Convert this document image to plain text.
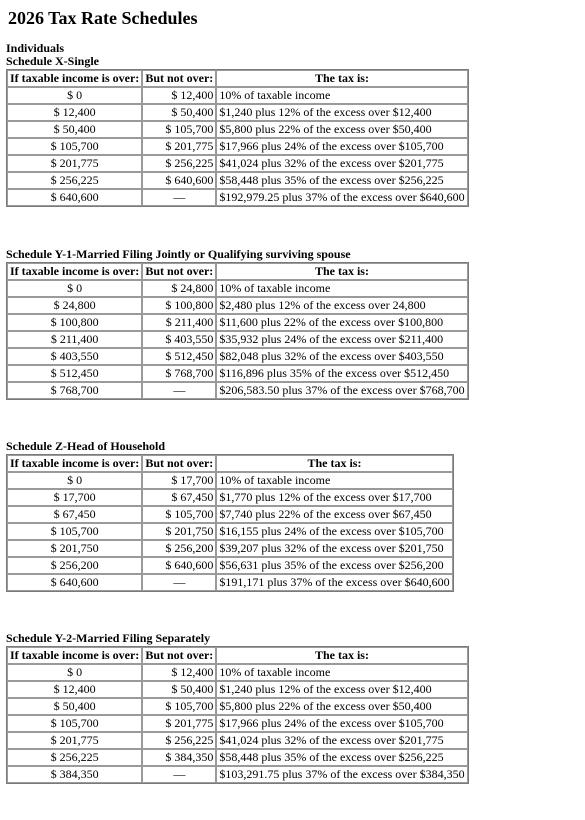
2026 Tax Rate Schedules
Individuals
Schedule X-Single
If taxable income is over:	But not over:	The tax is:
$ 0	$ 12,400	10% of taxable income
$ 12,400	$ 50,400	$1,240 plus 12% of the excess over $12,400
$ 50,400	$ 105,700	$5,800 plus 22% of the excess over $50,400
$ 105,700	$ 201,775	$17,966 plus 24% of the excess over $105,700
$ 201,775	$ 256,225	$41,024 plus 32% of the excess over $201,775
$ 256,225	$ 640,600	$58,448 plus 35% of the excess over $256,225
$ 640,600	—	$192,979.25 plus 37% of the excess over $640,600
Schedule Y-1-Married Filing Jointly or Qualifying surviving spouse
If taxable income is over:	But not over:	The tax is:
$ 0	$ 24,800	10% of taxable income
$ 24,800	$ 100,800	$2,480 plus 12% of the excess over 24,800
$ 100,800	$ 211,400	$11,600 plus 22% of the excess over $100,800
$ 211,400	$ 403,550	$35,932 plus 24% of the excess over $211,400
$ 403,550	$ 512,450	$82,048 plus 32% of the excess over $403,550
$ 512,450	$ 768,700	$116,896 plus 35% of the excess over $512,450
$ 768,700	—	$206,583.50 plus 37% of the excess over $768,700
Schedule Z-Head of Household
If taxable income is over:	But not over:	The tax is:
$ 0	$ 17,700	10% of taxable income
$ 17,700	$ 67,450	$1,770 plus 12% of the excess over $17,700
$ 67,450	$ 105,700	$7,740 plus 22% of the excess over $67,450
$ 105,700	$ 201,750	$16,155 plus 24% of the excess over $105,700
$ 201,750	$ 256,200	$39,207 plus 32% of the excess over $201,750
$ 256,200	$ 640,600	$56,631 plus 35% of the excess over $256,200
$ 640,600	—	$191,171 plus 37% of the excess over $640,600
Schedule Y-2-Married Filing Separately
If taxable income is over:	But not over:	The tax is:
$ 0	$ 12,400	10% of taxable income
$ 12,400	$ 50,400	$1,240 plus 12% of the excess over $12,400
$ 50,400	$ 105,700	$5,800 plus 22% of the excess over $50,400
$ 105,700	$ 201,775	$17,966 plus 24% of the excess over $105,700
$ 201,775	$ 256,225	$41,024 plus 32% of the excess over $201,775
$ 256,225	$ 384,350	$58,448 plus 35% of the excess over $256,225
$ 384,350	—	$103,291.75 plus 37% of the excess over $384,350
